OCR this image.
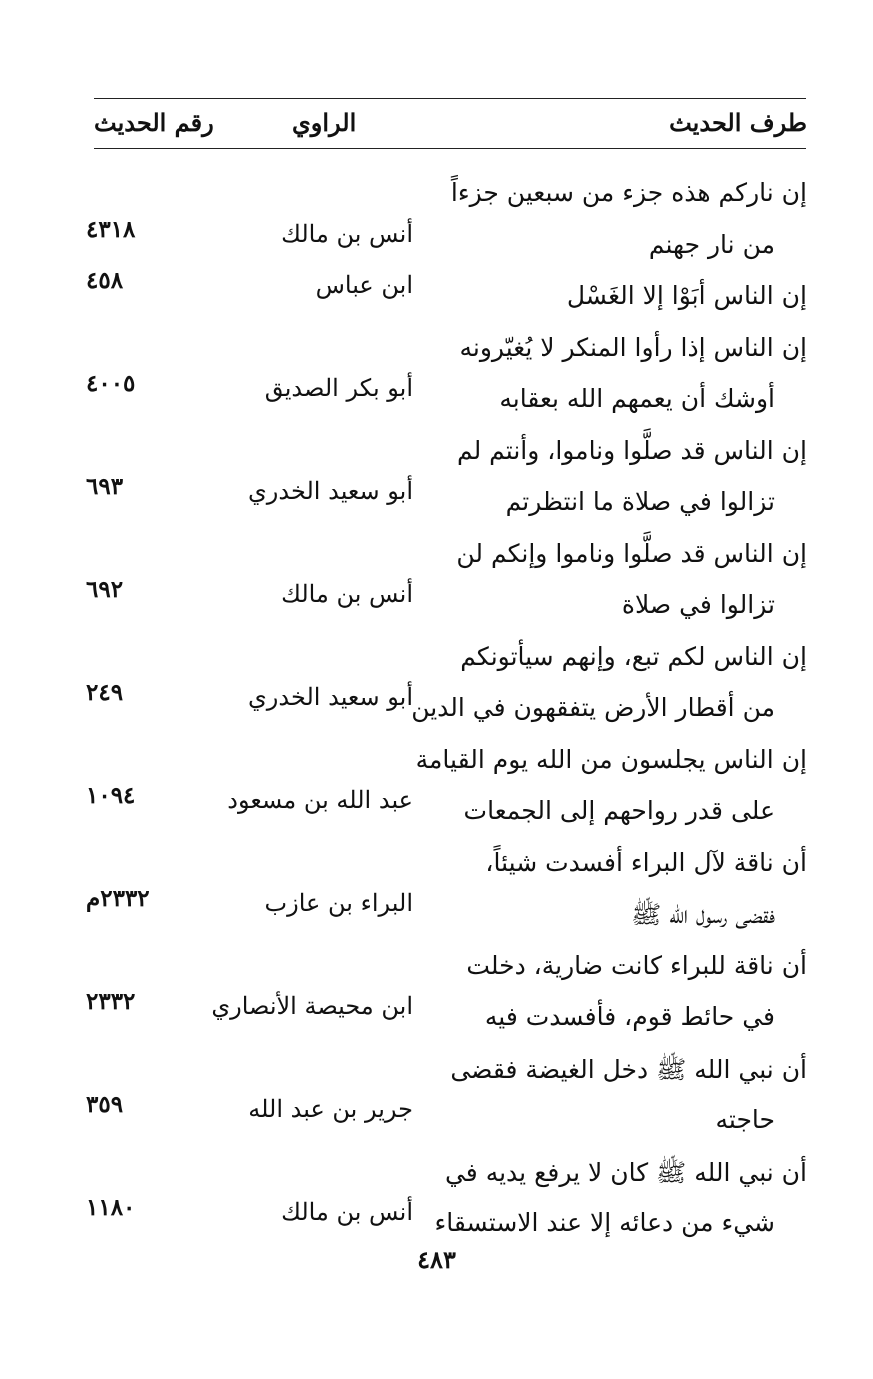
طرف الحديث
الراوي
رقم الحديث
إن ناركم هذه جزء من سبعين جزءاً
من نار جهنم
أنس بن مالك
٤٣١٨
إن الناس أبَوْا إلا الغَسْل
ابن عباس
٤٥٨
إن الناس إذا رأوا المنكر لا يُغيّرونه
أوشك أن يعمهم الله بعقابه
أبو بكر الصديق
٤٠٠٥
إن الناس قد صلَّوا وناموا، وأنتم لم
تزالوا في صلاة ما انتظرتم
أبو سعيد الخدري
٦٩٣
إن الناس قد صلَّوا وناموا وإنكم لن
تزالوا في صلاة
أنس بن مالك
٦٩٢
إن الناس لكم تبع، وإنهم سيأتونكم
من أقطار الأرض يتفقهون في الدين
أبو سعيد الخدري
٢٤٩
إن الناس يجلسون من الله يوم القيامة
على قدر رواحهم إلى الجمعات
عبد الله بن مسعود
١٠٩٤
أن ناقة لآل البراء أفسدت شيئاً،
فقضى رسول الله ﷺ
البراء بن عازب
٢٣٣٢م
أن ناقة للبراء كانت ضارية، دخلت
في حائط قوم، فأفسدت فيه
ابن محيصة الأنصاري
٢٣٣٢
أن نبي الله ﷺ دخل الغيضة فقضى
حاجته
جرير بن عبد الله
٣٥٩
أن نبي الله ﷺ كان لا يرفع يديه في
شيء من دعائه إلا عند الاستسقاء
أنس بن مالك
١١٨٠
٤٨٣
